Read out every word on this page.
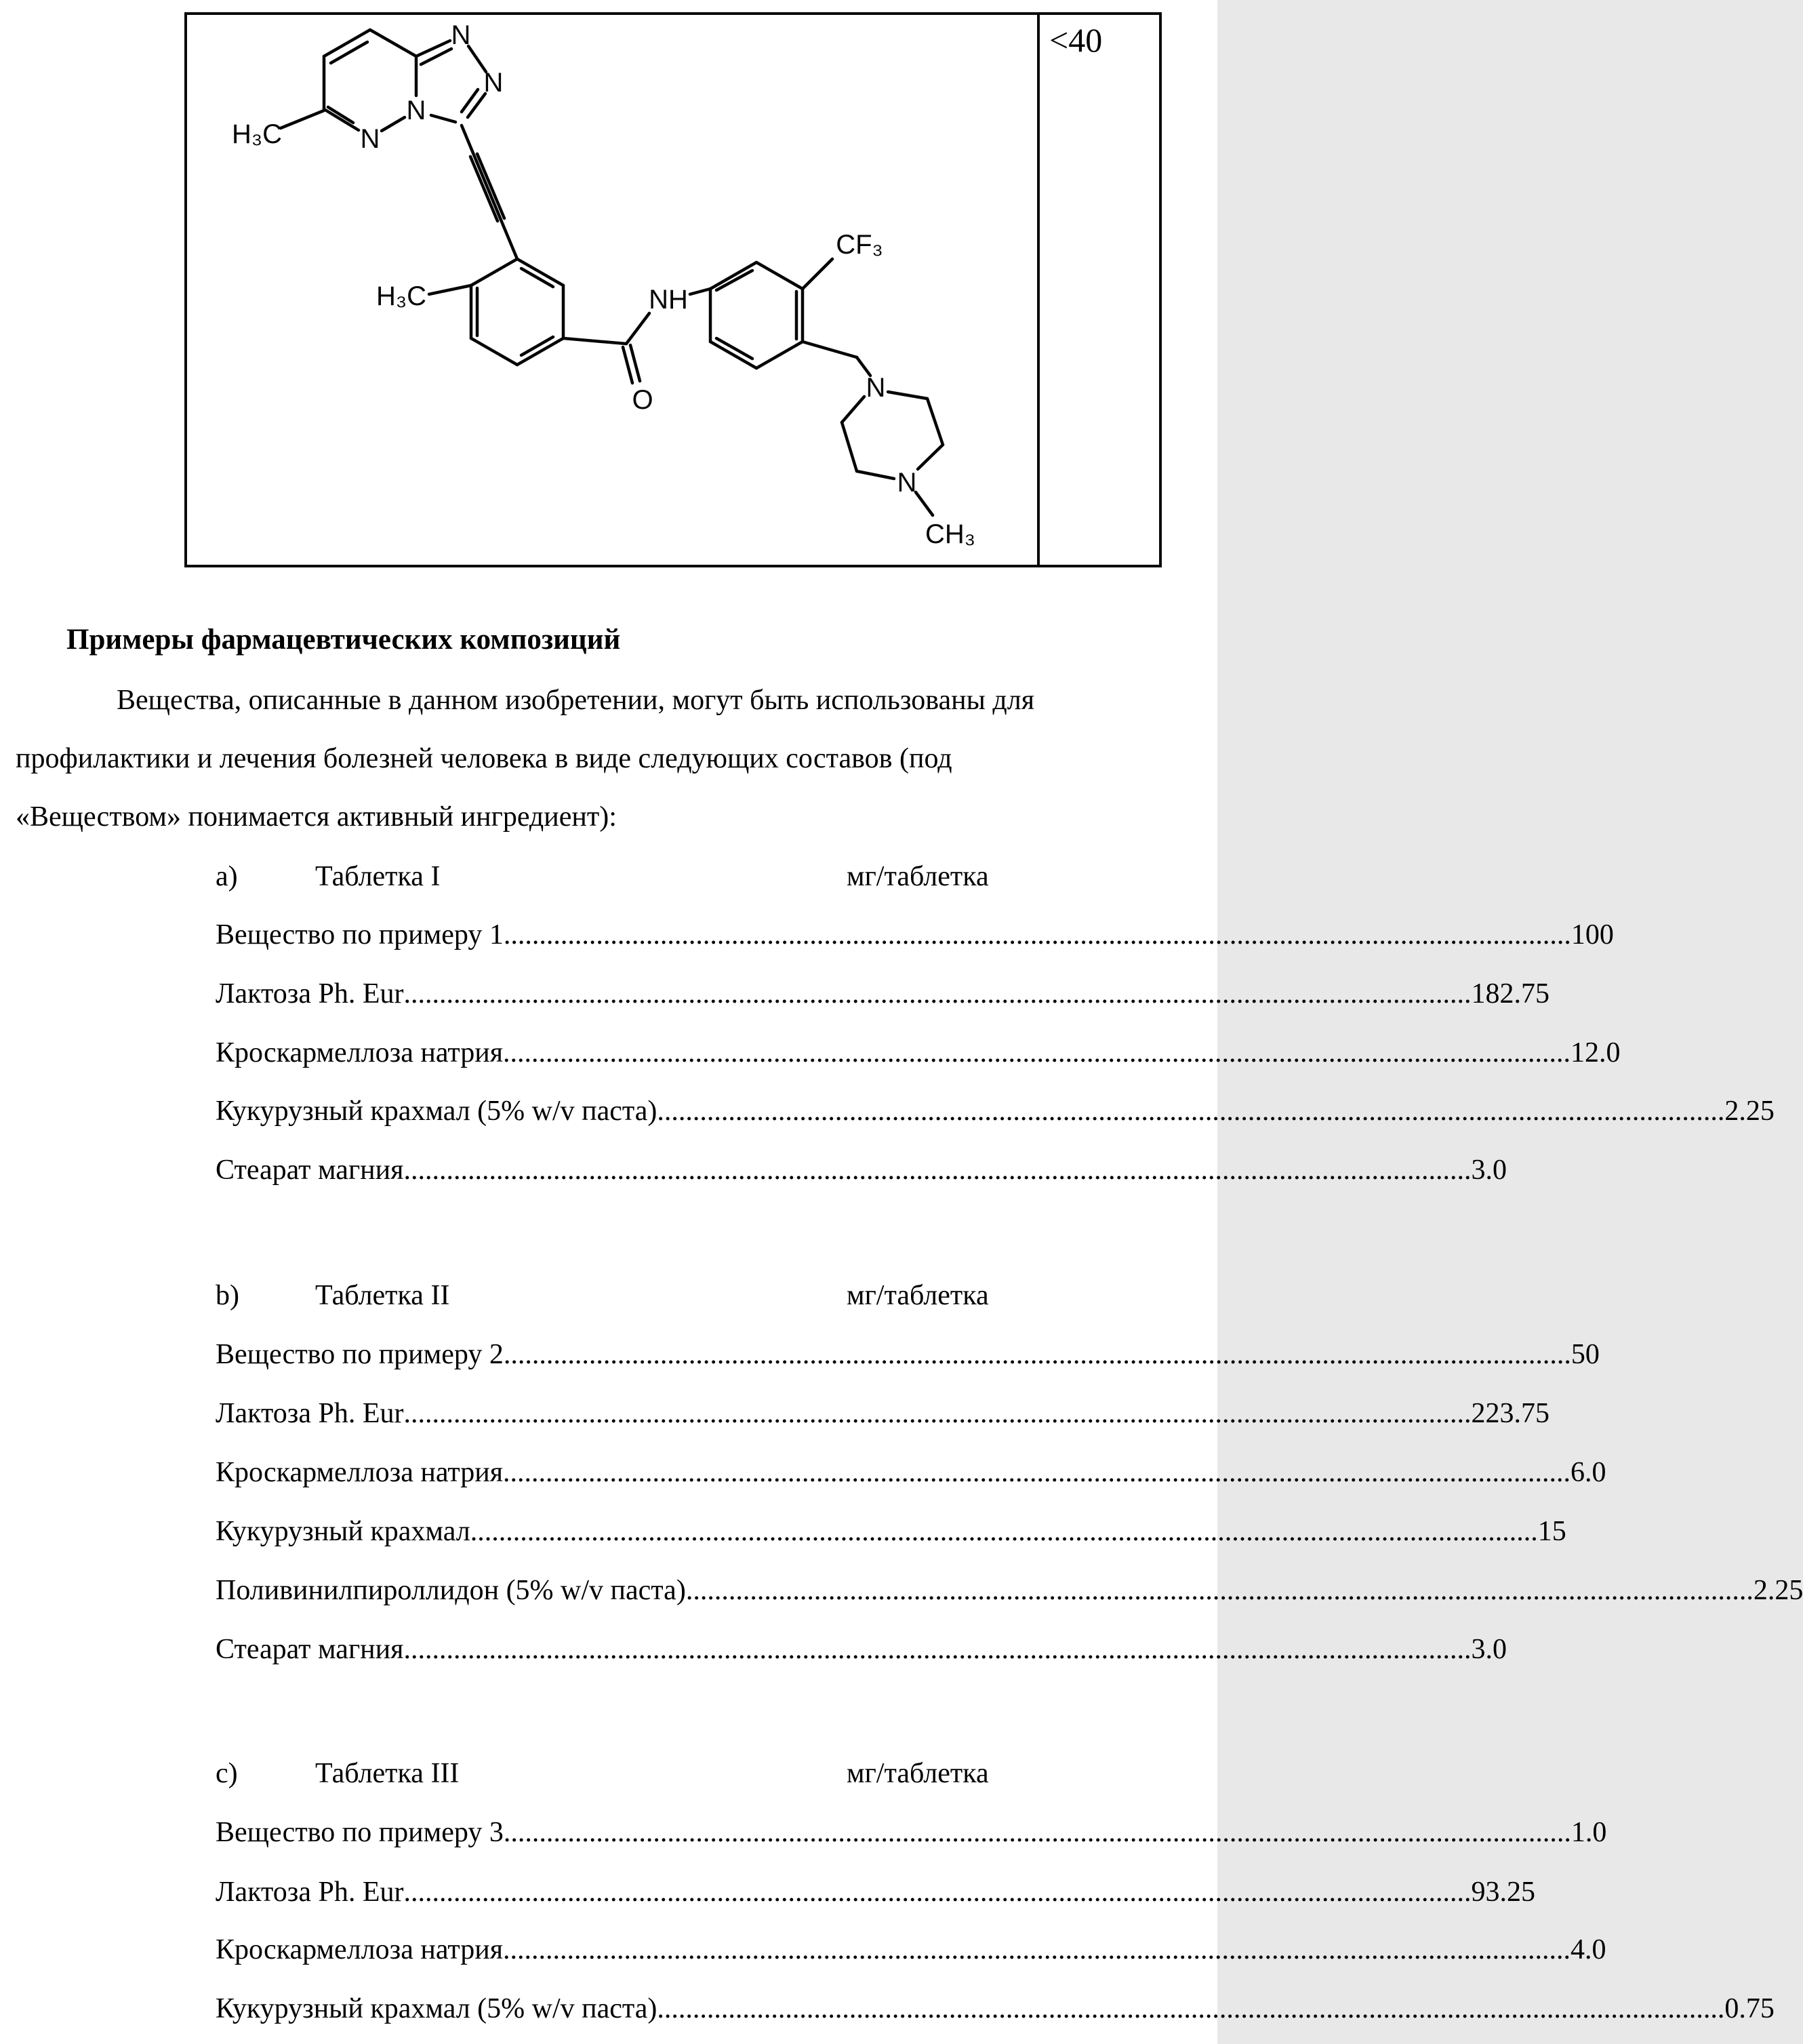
H₃C
N
N
N
N
H₃C
O
NH
CF₃
N
N
CH₃
<40
Примеры фармацевтических композиций
Вещества, описанные в данном изобретении, могут быть использованы для
профилактики и лечения болезней человека в виде следующих составов (под
«Веществом» понимается активный ингредиент):
a)	Таблетка I	мг/таблетка
Вещество по примеру 1 ...................................................................................................................................................... 100
Лактоза Ph. Eur ...................................................................................................................................................... 182.75
Кроскармеллоза натрия ...................................................................................................................................................... 12.0
Кукурузный крахмал (5% w/v паста) ...................................................................................................................................................... 2.25
Стеарат магния ...................................................................................................................................................... 3.0
b)	Таблетка II	мг/таблетка
Вещество по примеру 2 ...................................................................................................................................................... 50
Лактоза Ph. Eur ...................................................................................................................................................... 223.75
Кроскармеллоза натрия ...................................................................................................................................................... 6.0
Кукурузный крахмал ...................................................................................................................................................... 15
Поливинилпироллидон (5% w/v паста) ...................................................................................................................................................... 2.25
Стеарат магния ...................................................................................................................................................... 3.0
c)	Таблетка III	мг/таблетка
Вещество по примеру 3 ...................................................................................................................................................... 1.0
Лактоза Ph. Eur ...................................................................................................................................................... 93.25
Кроскармеллоза натрия ...................................................................................................................................................... 4.0
Кукурузный крахмал (5% w/v паста) ...................................................................................................................................................... 0.75
